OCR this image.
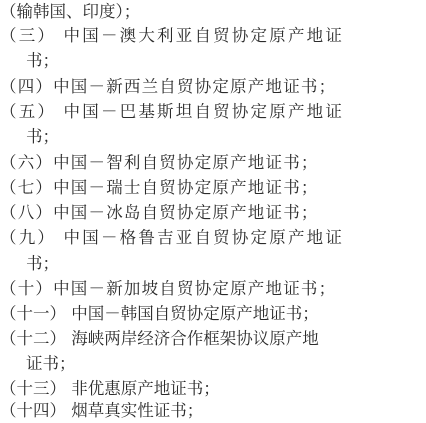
（输韩国、印度）；
（三） 中国－澳大利亚自贸协定原产地证
书；
（四）中国－新西兰自贸协定原产地证书；
（五） 中国－巴基斯坦自贸协定原产地证
书；
（六）中国－智利自贸协定原产地证书；
（七）中国－瑞士自贸协定原产地证书；
（八）中国－冰岛自贸协定原产地证书；
（九） 中国－格鲁吉亚自贸协定原产地证
书；
（十）中国－新加坡自贸协定原产地证书；
（十一） 中国－韩国自贸协定原产地证书；
（十二） 海峡两岸经济合作框架协议原产地
证书；
（十三） 非优惠原产地证书；
（十四） 烟草真实性证书；
